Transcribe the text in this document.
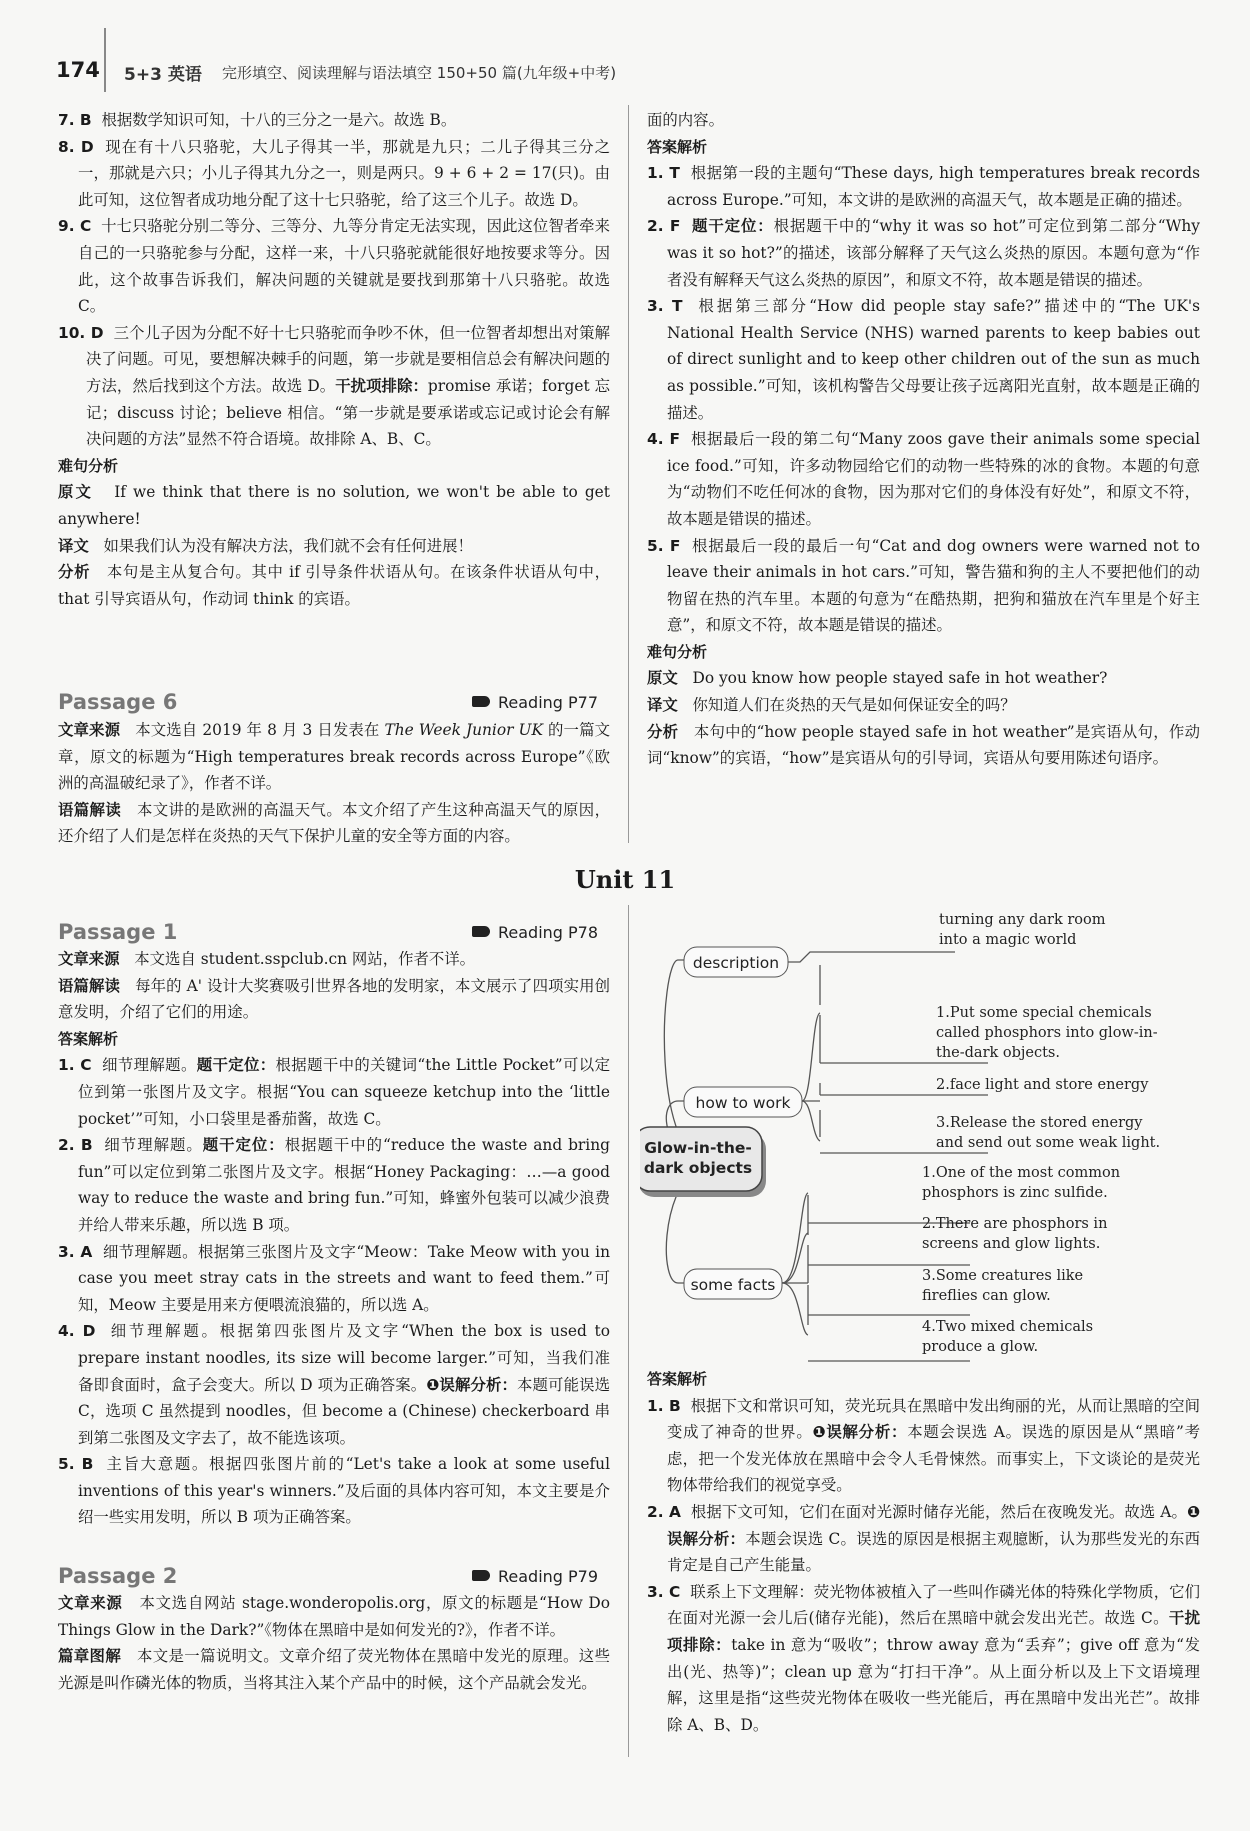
174 5+3 英语 完形填空、阅读理解与语法填空 150+50 篇(九年级+中考)

7. B 根据数学知识可知，十八的三分之一是六。故选 B。

8. D 现在有十八只骆驼，大儿子得其一半，那就是九只；二儿子得其三分之一，那就是六只；小儿子得其九分之一，则是两只。9 + 6 + 2 = 17(只)。由此可知，这位智者成功地分配了这十七只骆驼，给了这三个儿子。故选 D。

9. C 十七只骆驼分别二等分、三等分、九等分肯定无法实现，因此这位智者牵来自己的一只骆驼参与分配，这样一来，十八只骆驼就能很好地按要求等分。因此，这个故事告诉我们，解决问题的关键就是要找到那第十八只骆驼。故选 C。

10. D 三个儿子因为分配不好十七只骆驼而争吵不休，但一位智者却想出对策解决了问题。可见，要想解决棘手的问题，第一步就是要相信总会有解决问题的方法，然后找到这个方法。故选 D。干扰项排除：promise 承诺；forget 忘记；discuss 讨论；believe 相信。“第一步就是要承诺或忘记或讨论会有解决问题的方法”显然不符合语境。故排除 A、B、C。

难句分析

原文 If we think that there is no solution, we won't be able to get anywhere!

译文 如果我们认为没有解决方法，我们就不会有任何进展！

分析 本句是主从复合句。其中 if 引导条件状语从句。在该条件状语从句中，that 引导宾语从句，作动词 think 的宾语。

Passage 6	Reading P77

文章来源 本文选自 2019 年 8 月 3 日发表在 The Week Junior UK 的一篇文章，原文的标题为“High temperatures break records across Europe”《欧洲的高温破纪录了》，作者不详。

语篇解读 本文讲的是欧洲的高温天气。本文介绍了产生这种高温天气的原因，还介绍了人们是怎样在炎热的天气下保护儿童的安全等方面的内容。

面的内容。

答案解析

1. T 根据第一段的主题句“These days, high temperatures break records across Europe.”可知，本文讲的是欧洲的高温天气，故本题是正确的描述。

2. F 题干定位：根据题干中的“why it was so hot”可定位到第二部分“Why was it so hot?”的描述，该部分解释了天气这么炎热的原因。本题句意为“作者没有解释天气这么炎热的原因”，和原文不符，故本题是错误的描述。

3. T 根据第三部分“How did people stay safe?”描述中的“The UK's National Health Service (NHS) warned parents to keep babies out of direct sunlight and to keep other children out of the sun as much as possible.”可知，该机构警告父母要让孩子远离阳光直射，故本题是正确的描述。

4. F 根据最后一段的第二句“Many zoos gave their animals some special ice food.”可知，许多动物园给它们的动物一些特殊的冰的食物。本题的句意为“动物们不吃任何冰的食物，因为那对它们的身体没有好处”，和原文不符，故本题是错误的描述。

5. F 根据最后一段的最后一句“Cat and dog owners were warned not to leave their animals in hot cars.”可知，警告猫和狗的主人不要把他们的动物留在热的汽车里。本题的句意为“在酷热期，把狗和猫放在汽车里是个好主意”，和原文不符，故本题是错误的描述。

难句分析

原文 Do you know how people stayed safe in hot weather?

译文 你知道人们在炎热的天气是如何保证安全的吗？

分析 本句中的“how people stayed safe in hot weather”是宾语从句，作动词“know”的宾语，“how”是宾语从句的引导词，宾语从句要用陈述句语序。

Unit 11
Passage 1	Reading P78

文章来源 本文选自 student.sspclub.cn 网站，作者不详。

语篇解读 每年的 A' 设计大奖赛吸引世界各地的发明家，本文展示了四项实用创意发明，介绍了它们的用途。

答案解析

1. C 细节理解题。题干定位：根据题干中的关键词“the Little Pocket”可以定位到第一张图片及文字。根据“You can squeeze ketchup into the ‘little pocket’”可知，小口袋里是番茄酱，故选 C。

2. B 细节理解题。题干定位：根据题干中的“reduce the waste and bring fun”可以定位到第二张图片及文字。根据“Honey Packaging：…—a good way to reduce the waste and bring fun.”可知，蜂蜜外包装可以减少浪费并给人带来乐趣，所以选 B 项。

3. A 细节理解题。根据第三张图片及文字“Meow：Take Meow with you in case you meet stray cats in the streets and want to feed them.”可知，Meow 主要是用来方便喂流浪猫的，所以选 A。

4. D 细节理解题。根据第四张图片及文字“When the box is used to prepare instant noodles, its size will become larger.”可知，当我们准备即食面时，盒子会变大。所以 D 项为正确答案。❶误解分析：本题可能误选 C，选项 C 虽然提到 noodles，但 become a (Chinese) checkerboard 串到第二张图及文字去了，故不能选该项。

5. B 主旨大意题。根据四张图片前的“Let's take a look at some useful inventions of this year's winners.”及后面的具体内容可知，本文主要是介绍一些实用发明，所以 B 项为正确答案。

Passage 2	Reading P79

文章来源 本文选自网站 stage.wonderopolis.org，原文的标题是“How Do Things Glow in the Dark?”《物体在黑暗中是如何发光的?》，作者不详。

篇章图解 本文是一篇说明文。文章介绍了荧光物体在黑暗中发光的原理。这些光源是叫作磷光体的物质，当将其注入某个产品中的时候，这个产品就会发光。

Glow-in-the-
dark objects
description
how to work
some facts
turning any dark room
into a magic world
1.Put some special chemicals
called phosphors into glow-in-
the-dark objects.
2.face light and store energy
3.Release the stored energy
and send out some weak light.
1.One of the most common
phosphors is zinc sulfide.
2.There are phosphors in
screens and glow lights.
3.Some creatures like
fireflies can glow.
4.Two mixed chemicals
produce a glow.

答案解析

1. B 根据下文和常识可知，荧光玩具在黑暗中发出绚丽的光，从而让黑暗的空间变成了神奇的世界。❶误解分析：本题会误选 A。误选的原因是从“黑暗”考虑，把一个发光体放在黑暗中会令人毛骨悚然。而事实上，下文谈论的是荧光物体带给我们的视觉享受。

2. A 根据下文可知，它们在面对光源时储存光能，然后在夜晚发光。故选 A。❶误解分析：本题会误选 C。误选的原因是根据主观臆断，认为那些发光的东西肯定是自己产生能量。

3. C 联系上下文理解：荧光物体被植入了一些叫作磷光体的特殊化学物质，它们在面对光源一会儿后(储存光能)，然后在黑暗中就会发出光芒。故选 C。干扰项排除：take in 意为“吸收”；throw away 意为“丢弃”；give off 意为“发出(光、热等)”；clean up 意为“打扫干净”。从上面分析以及上下文语境理解，这里是指“这些荧光物体在吸收一些光能后，再在黑暗中发出光芒”。故排除 A、B、D。
